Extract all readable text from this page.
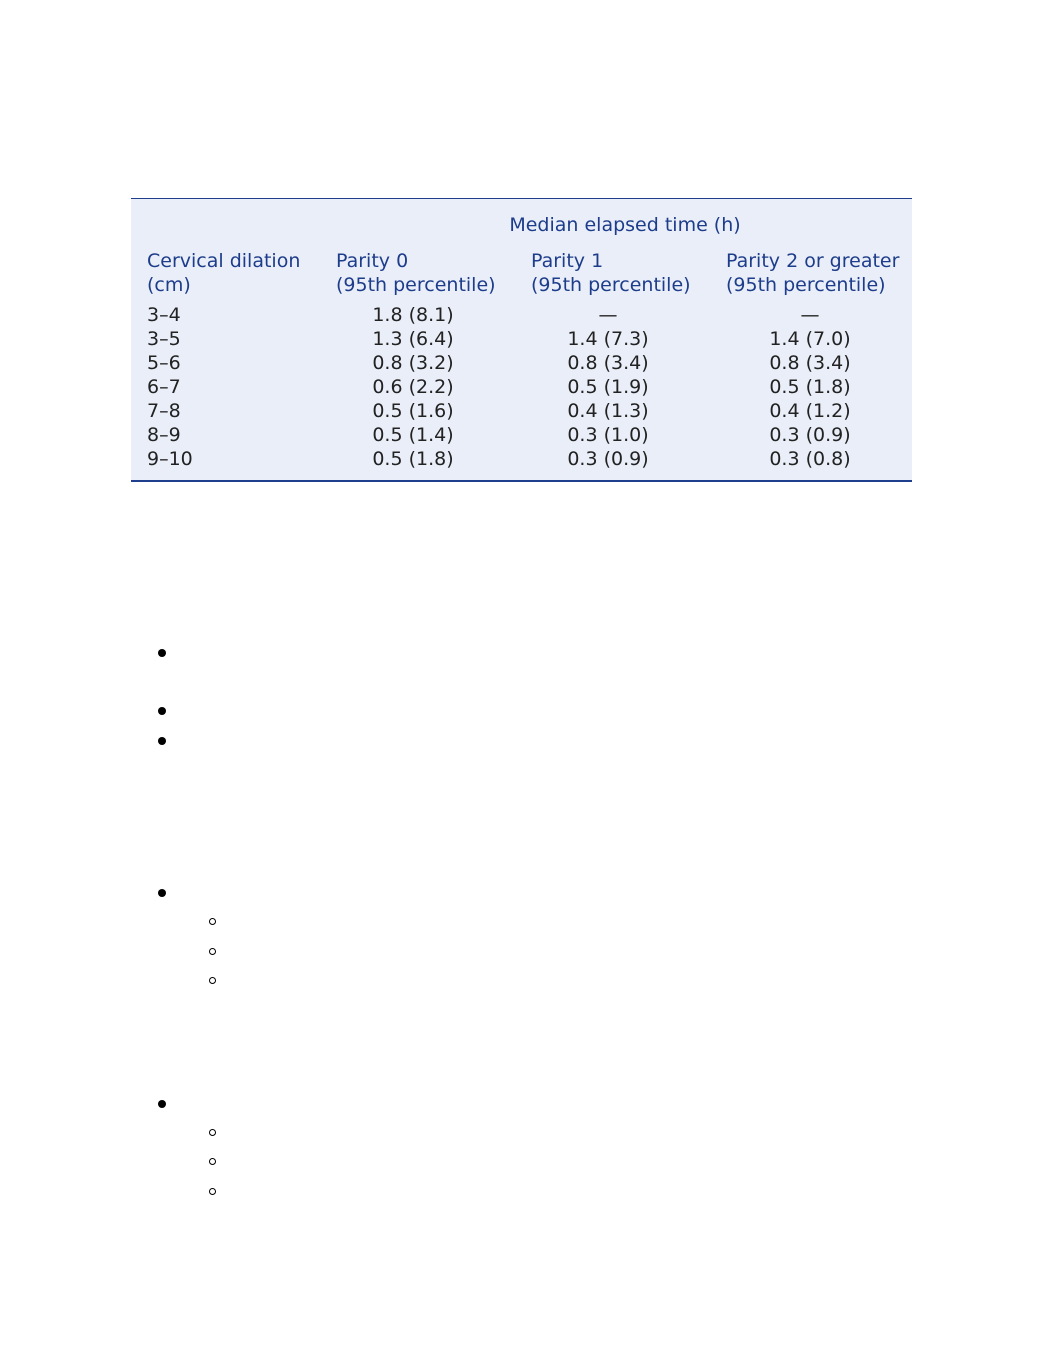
Median elapsed time (h)
Cervical dilation
(cm)
Parity 0
(95th percentile)
Parity 1
(95th percentile)
Parity 2 or greater
(95th percentile)
3–4	1.8 (8.1)	—	—
3–5	1.3 (6.4)	1.4 (7.3)	1.4 (7.0)
5–6	0.8 (3.2)	0.8 (3.4)	0.8 (3.4)
6–7	0.6 (2.2)	0.5 (1.9)	0.5 (1.8)
7–8	0.5 (1.6)	0.4 (1.3)	0.4 (1.2)
8–9	0.5 (1.4)	0.3 (1.0)	0.3 (0.9)
9–10	0.5 (1.8)	0.3 (0.9)	0.3 (0.8)
